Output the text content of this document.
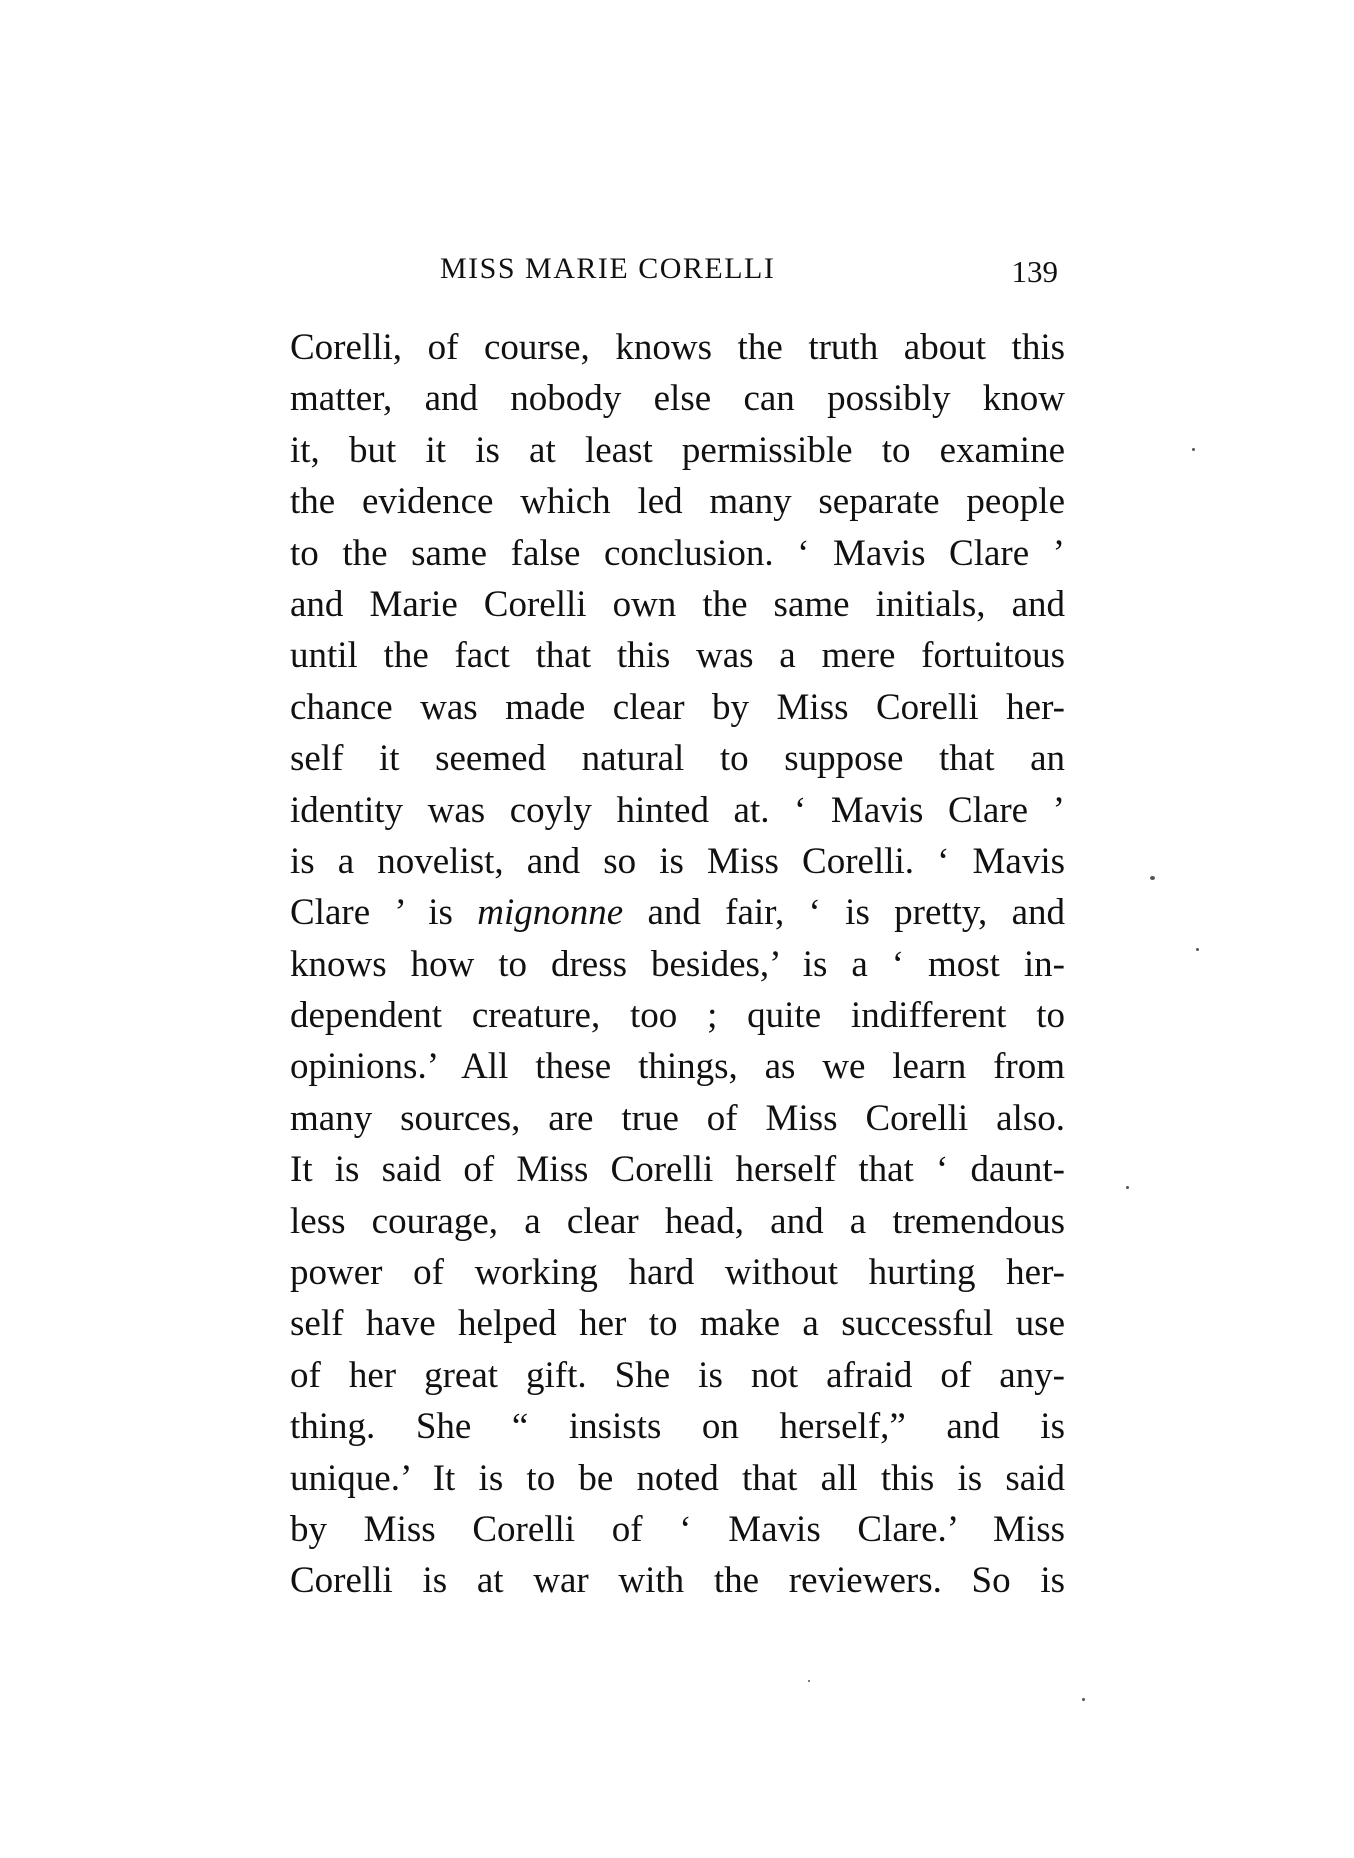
MISS MARIE CORELLI	139
Corelli, of course, knows the truth about this
matter, and nobody else can possibly know
it, but it is at least permissible to examine
the evidence which led many separate people
to the same false conclusion. ‘ Mavis Clare ’
and Marie Corelli own the same initials, and
until the fact that this was a mere fortuitous
chance was made clear by Miss Corelli her-
self it seemed natural to suppose that an
identity was coyly hinted at. ‘ Mavis Clare ’
is a novelist, and so is Miss Corelli. ‘ Mavis
Clare ’ is mignonne and fair, ‘ is pretty, and
knows how to dress besides,’ is a ‘ most in-
dependent creature, too ; quite indifferent to
opinions.’ All these things, as we learn from
many sources, are true of Miss Corelli also.
It is said of Miss Corelli herself that ‘ daunt-
less courage, a clear head, and a tremendous
power of working hard without hurting her-
self have helped her to make a successful use
of her great gift. She is not afraid of any-
thing. She “ insists on herself,” and is
unique.’ It is to be noted that all this is said
by Miss Corelli of ‘ Mavis Clare.’ Miss
Corelli is at war with the reviewers. So is
